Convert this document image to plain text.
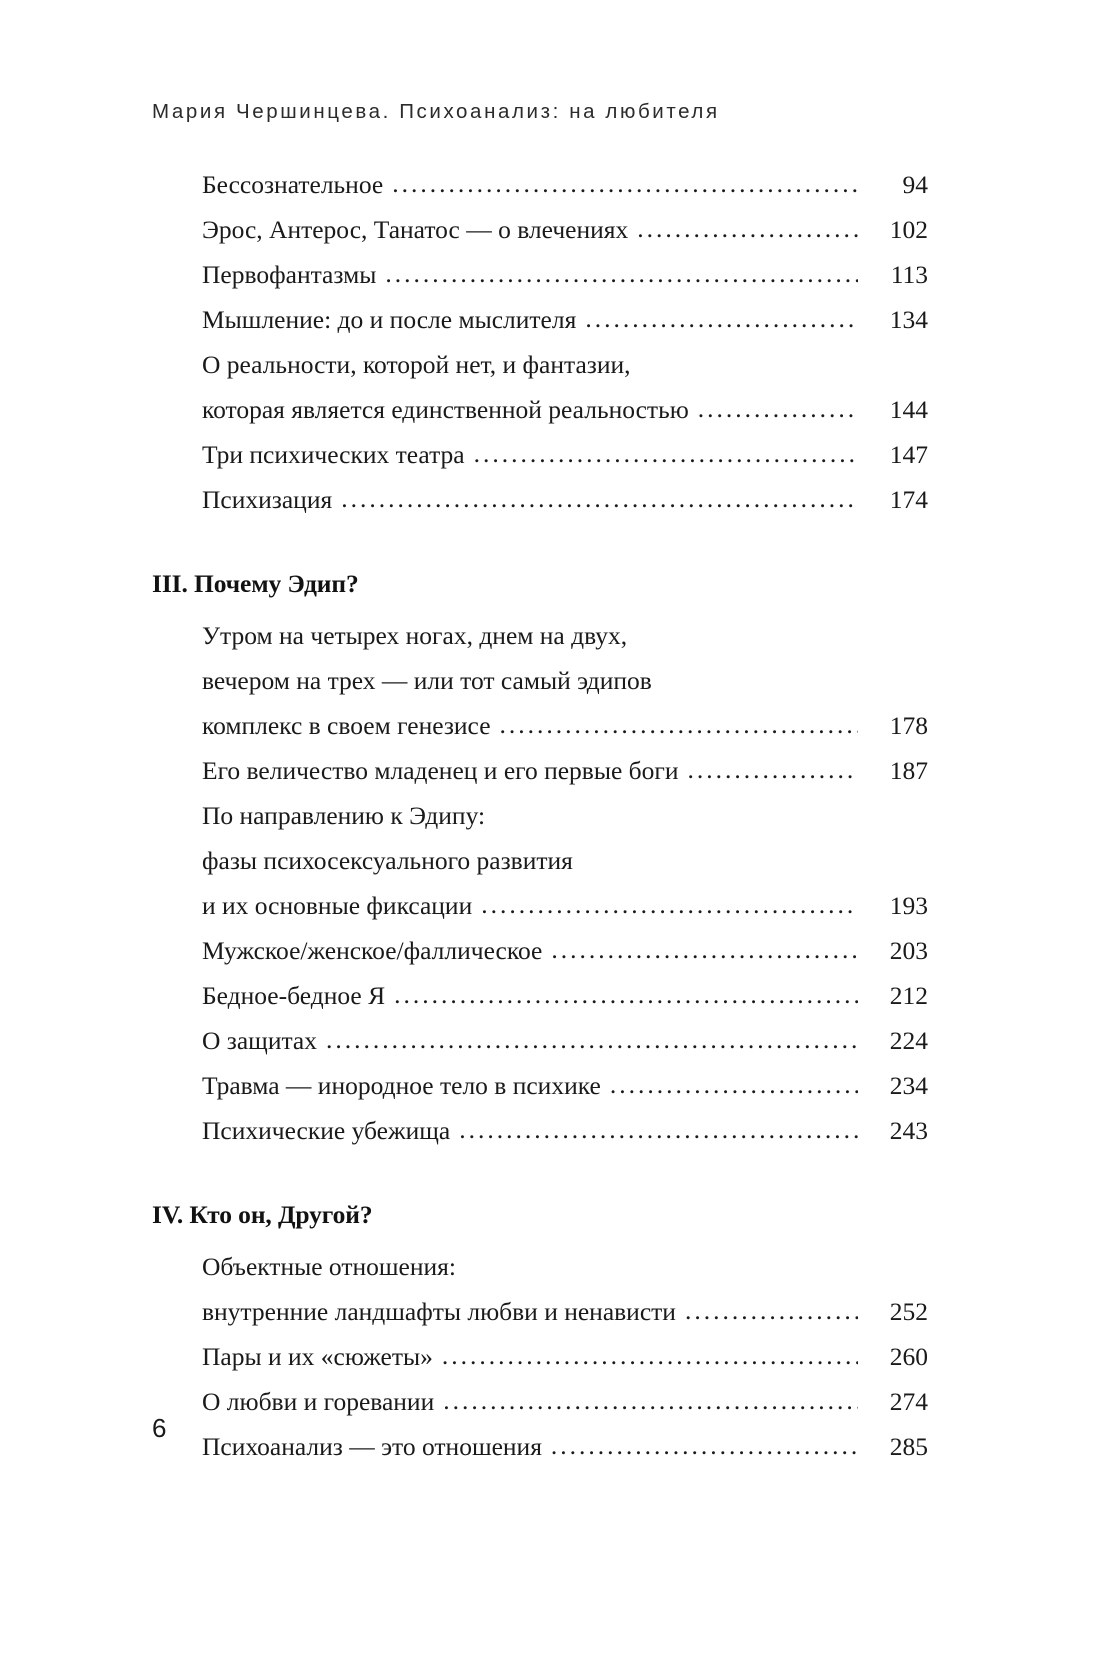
Мария Чершинцева. Психоанализ: на любителя
Бессознательное .....	94
Эрос, Антерос, Танатос — о влечениях .....	102
Первофантазмы .....	113
Мышление: до и после мыслителя .....	134
О реальности, которой нет, и фантазии,
которая является единственной реальностью .....	144
Три психических театра .....	147
Психизация .....	174
III. Почему Эдип?
Утром на четырех ногах, днем на двух,
вечером на трех — или тот самый эдипов
комплекс в своем генезисе .....	178
Его величество младенец и его первые боги .....	187
По направлению к Эдипу:
фазы психосексуального развития
и их основные фиксации .....	193
Мужское/женское/фаллическое .....	203
Бедное-бедное Я .....	212
О защитах .....	224
Травма — инородное тело в психике .....	234
Психические убежища .....	243
IV. Кто он, Другой?
Объектные отношения:
внутренние ландшафты любви и ненависти .....	252
Пары и их «сюжеты» .....	260
О любви и горевании .....	274
Психоанализ — это отношения .....	285
6
